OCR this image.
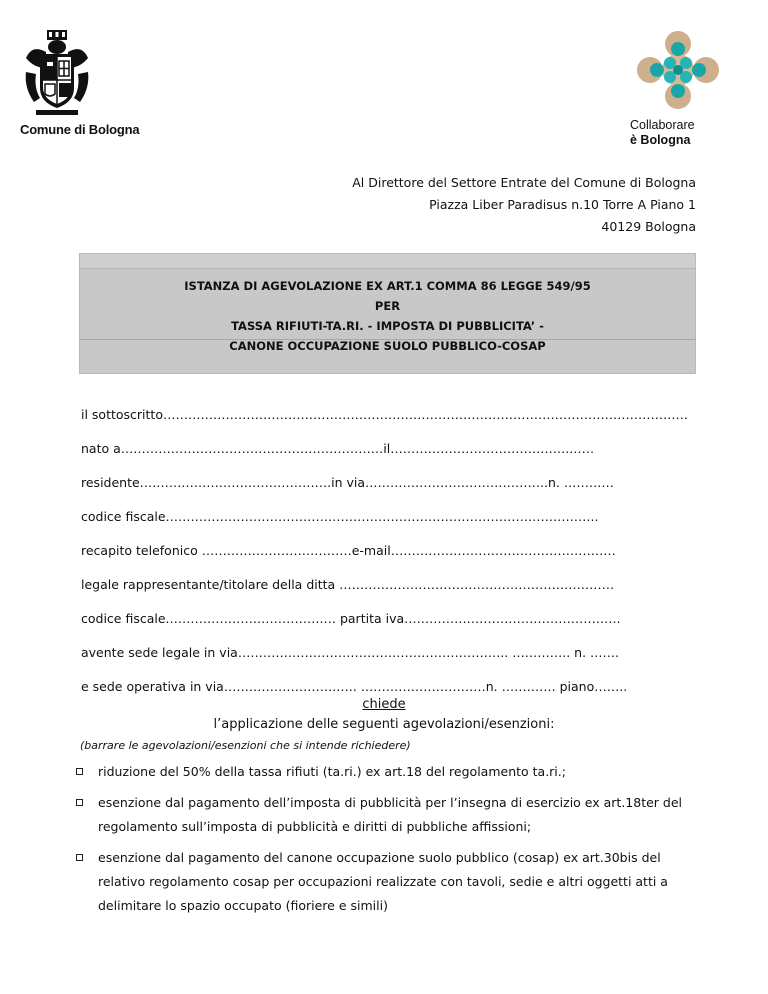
Comune di Bologna	Collaborare
è Bologna
Al Direttore del Settore Entrate del Comune di Bologna
Piazza Liber Paradisus n.10 Torre A Piano 1
40129 Bologna
ISTANZA DI AGEVOLAZIONE EX ART.1 COMMA 86 LEGGE 549/95
PER
TASSA RIFIUTI-TA.RI. - IMPOSTA DI PUBBLICITA’ -
CANONE OCCUPAZIONE SUOLO PUBBLICO-COSAP
il sottoscritto………………………………………………………………………………………………………………
nato a………………………………………………………il…………………………………….……
residente……………………………………….in via……………………………………..n. …………
codice fiscale…………………………………………………………………………………………..
recapito telefonico ………………………………e-mail………………………………………………
legale rappresentante/titolare della ditta …………………………………………………………
codice fiscale.……………………………….… partita iva…………………………………………….
avente sede legale in via……………………………………………………….. ………….. n. …….
e sede operativa in via……………………….…. …………………………n. …………. piano……..
chiede
l’applicazione delle seguenti agevolazioni/esenzioni:
(barrare le agevolazioni/esenzioni che si intende richiedere)
riduzione del 50% della tassa rifiuti (ta.ri.) ex art.18 del regolamento ta.ri.;
esenzione dal pagamento dell’imposta di pubblicità per l’insegna di esercizio ex art.18ter del regolamento sull’imposta di pubblicità e diritti di pubbliche affissioni;
esenzione dal pagamento del canone occupazione suolo pubblico (cosap) ex art.30bis del relativo regolamento cosap per occupazioni realizzate con tavoli, sedie e altri oggetti atti a delimitare lo spazio occupato (fioriere e simili)
